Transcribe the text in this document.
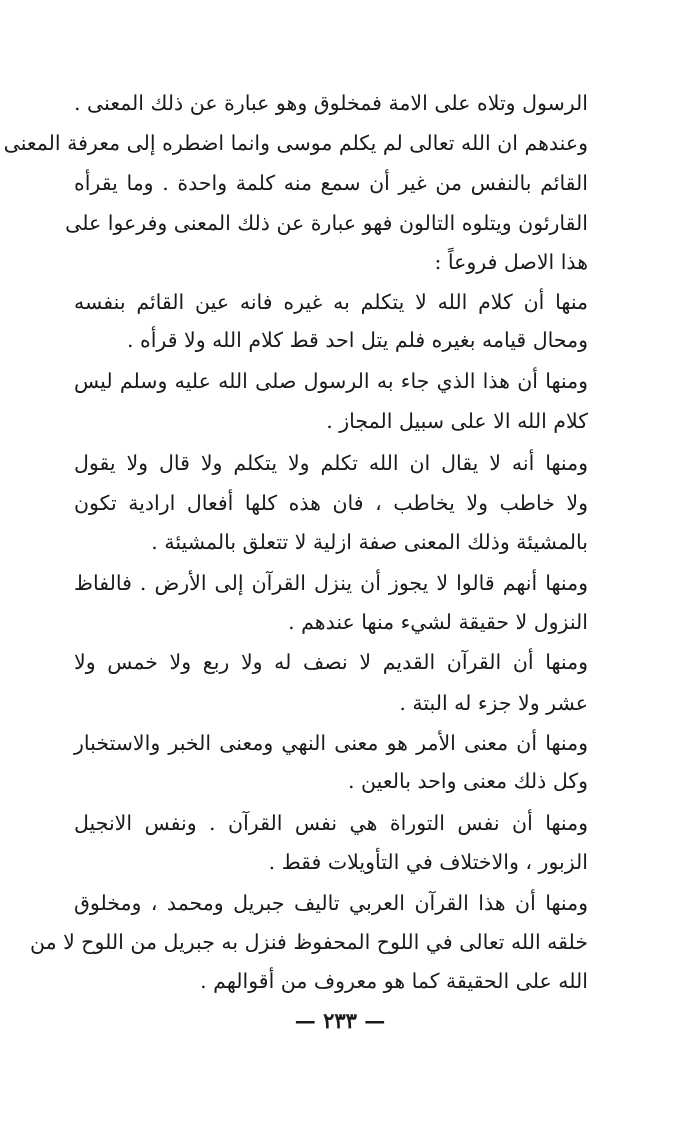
الرسول وتلاه على الامة فمخلوق وهو عبارة عن ذلك المعنى .
وعندهم ان الله تعالى لم يكلم موسى وانما اضطره إلى معرفة المعنى
القائم بالنفس من غير أن سمع منه كلمة واحدة . وما يقرأه
القارئون ويتلوه التالون فهو عبارة عن ذلك المعنى وفرعوا على
هذا الاصل فروعاً :
منها أن كلام الله لا يتكلم به غيره فانه عين القائم بنفسه
ومحال قيامه بغيره فلم يتل احد قط كلام الله ولا قرأه .
ومنها أن هذا الذي جاء به الرسول صلى الله عليه وسلم ليس
كلام الله الا على سبيل المجاز .
ومنها أنه لا يقال ان الله تكلم ولا يتكلم ولا قال ولا يقول
ولا خاطب ولا يخاطب ، فان هذه كلها أفعال ارادية تكون
بالمشيئة وذلك المعنى صفة ازلية لا تتعلق بالمشيئة .
ومنها أنهم قالوا لا يجوز أن ينزل القرآن إلى الأرض . فالفاظ
النزول لا حقيقة لشيء منها عندهم .
ومنها أن القرآن القديم لا نصف له ولا ربع ولا خمس ولا
عشر ولا جزء له البتة .
ومنها أن معنى الأمر هو معنى النهي ومعنى الخبر والاستخبار
وكل ذلك معنى واحد بالعين .
ومنها أن نفس التوراة هي نفس القرآن . ونفس الانجيل
الزبور ، والاختلاف في التأويلات فقط .
ومنها أن هذا القرآن العربي تاليف جبريل ومحمد ، ومخلوق
خلقه الله تعالى في اللوح المحفوظ فنزل به جبريل من اللوح لا من
الله على الحقيقة كما هو معروف من أقوالهم .
— ٢٣٣ —
